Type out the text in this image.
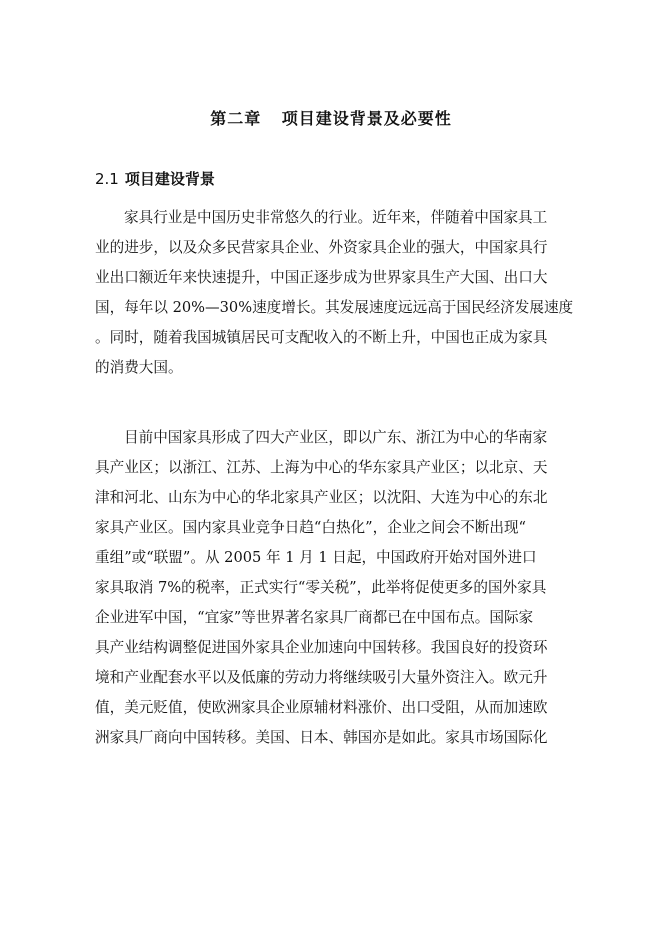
第二章 项目建设背景及必要性
2.1 项目建设背景
家具行业是中国历史非常悠久的行业。近年来，伴随着中国家具工
业的进步，以及众多民营家具企业、外资家具企业的强大，中国家具行
业出口额近年来快速提升，中国正逐步成为世界家具生产大国、出口大
国，每年以 20%—30%速度增长。其发展速度远远高于国民经济发展速度
。同时，随着我国城镇居民可支配收入的不断上升，中国也正成为家具
的消费大国。
目前中国家具形成了四大产业区，即以广东、浙江为中心的华南家
具产业区；以浙江、江苏、上海为中心的华东家具产业区；以北京、天
津和河北、山东为中心的华北家具产业区；以沈阳、大连为中心的东北
家具产业区。国内家具业竞争日趋“白热化”，企业之间会不断出现“
重组”或“联盟”。从 2005 年 1 月 1 日起，中国政府开始对国外进口
家具取消 7%的税率，正式实行“零关税”，此举将促使更多的国外家具
企业进军中国，“宜家”等世界著名家具厂商都已在中国布点。国际家
具产业结构调整促进国外家具企业加速向中国转移。我国良好的投资环
境和产业配套水平以及低廉的劳动力将继续吸引大量外资注入。欧元升
值，美元贬值，使欧洲家具企业原辅材料涨价、出口受阻，从而加速欧
洲家具厂商向中国转移。美国、日本、韩国亦是如此。家具市场国际化
